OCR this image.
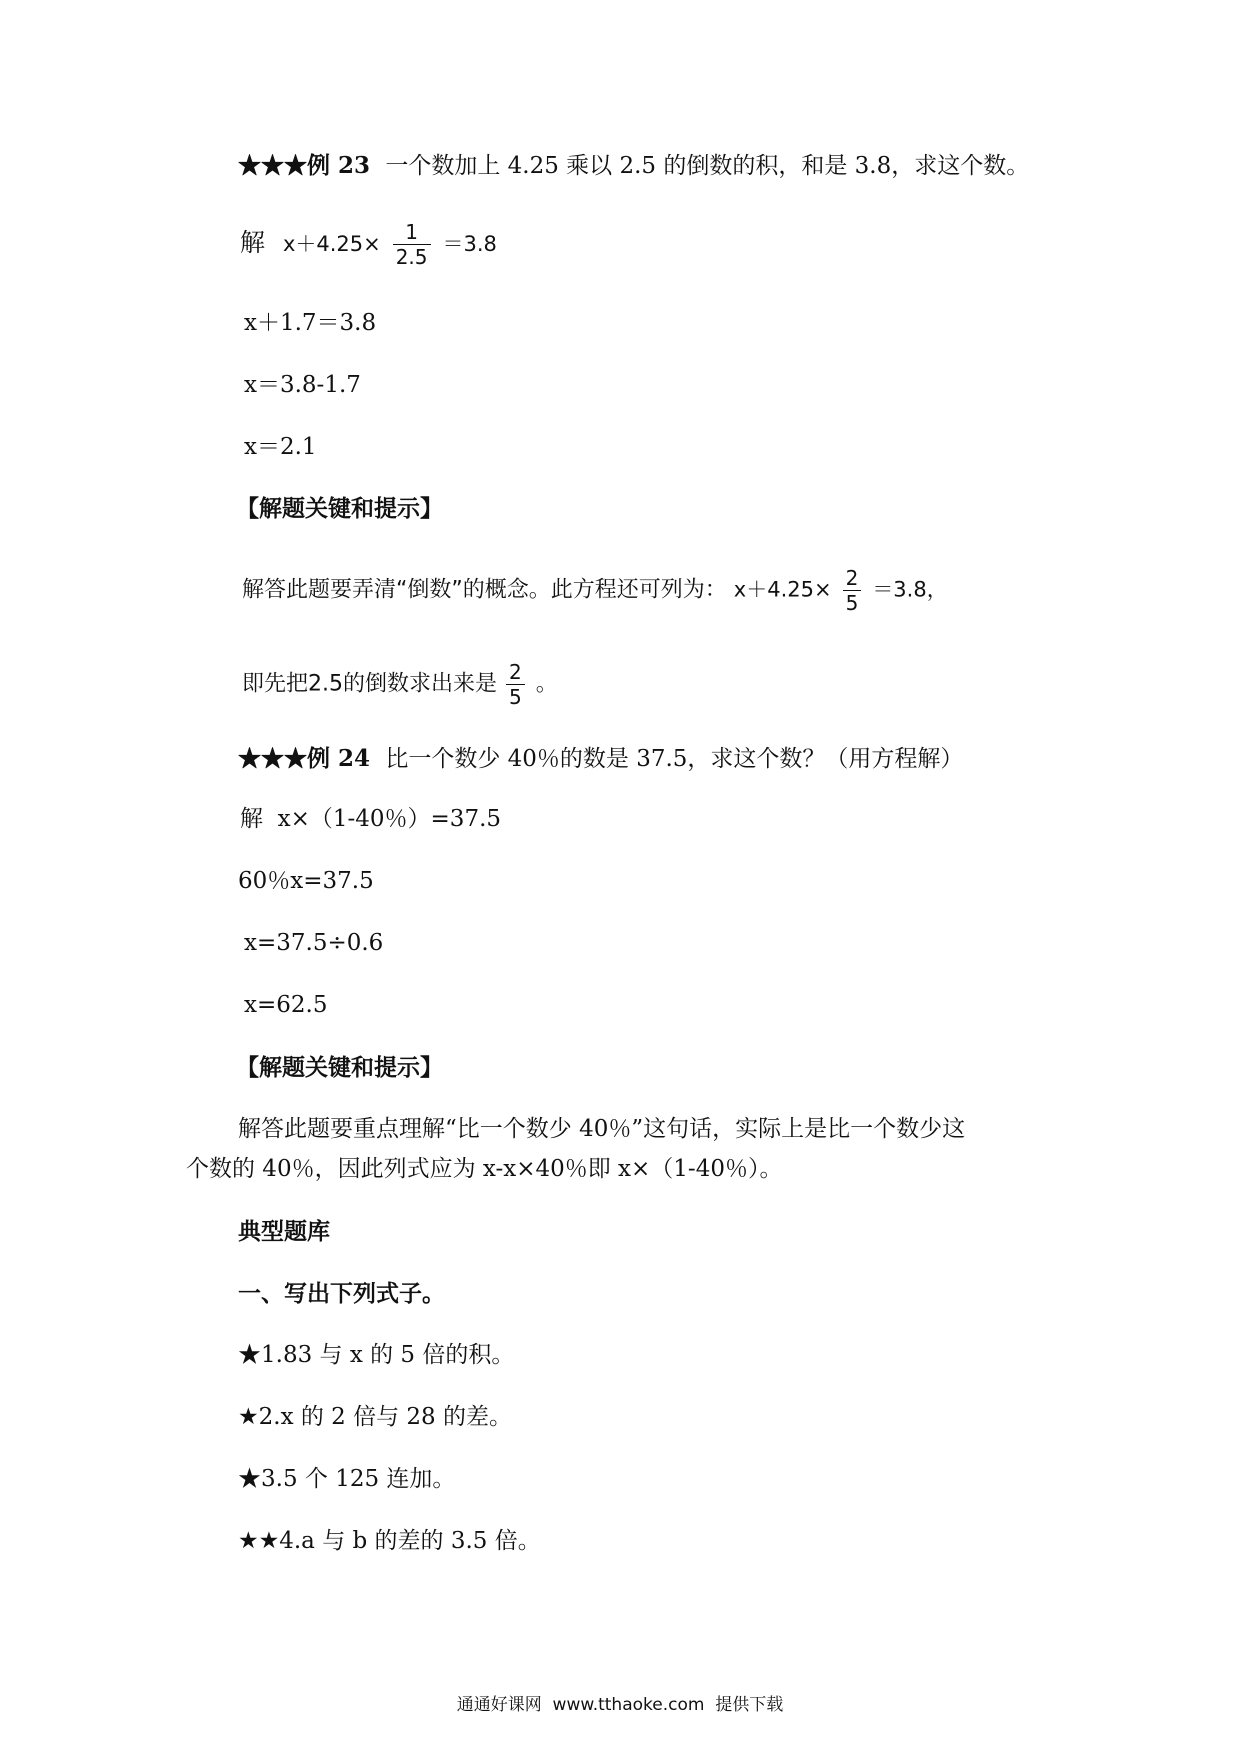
★★★例 23 一个数加上 4.25 乘以 2.5 的倒数的积，和是 3.8，求这个数。
解 $x+4.25\times \frac{1}{2.5} =3.8$
x＋1.7＝3.8
x＝3.8-1.7
x＝2.1
【解题关键和提示】
解答此题要弄清“倒数”的概念。此方程还可列为： $x+4.25\times \frac{2}{5} =3.8$，
即先把2.5的倒数求出来是 $\frac{2}{5}$ 。
★★★例 24 比一个数少 40％的数是 37.5，求这个数？（用方程解）
解  x×（1-40％）=37.5
60％x=37.5
x=37.5÷0.6
x=62.5
【解题关键和提示】
解答此题要重点理解“比一个数少 40％”这句话，实际上是比一个数少这
个数的 40％，因此列式应为 x-x×40％即 x×（1-40％）。
典型题库
一、写出下列式子。
★1.83 与 x 的 5 倍的积。
★2.x 的 2 倍与 28 的差。
★3.5 个 125 连加。
★★4.a 与 b 的差的 3.5 倍。
通通好课网  www.tthaoke.com  提供下载
